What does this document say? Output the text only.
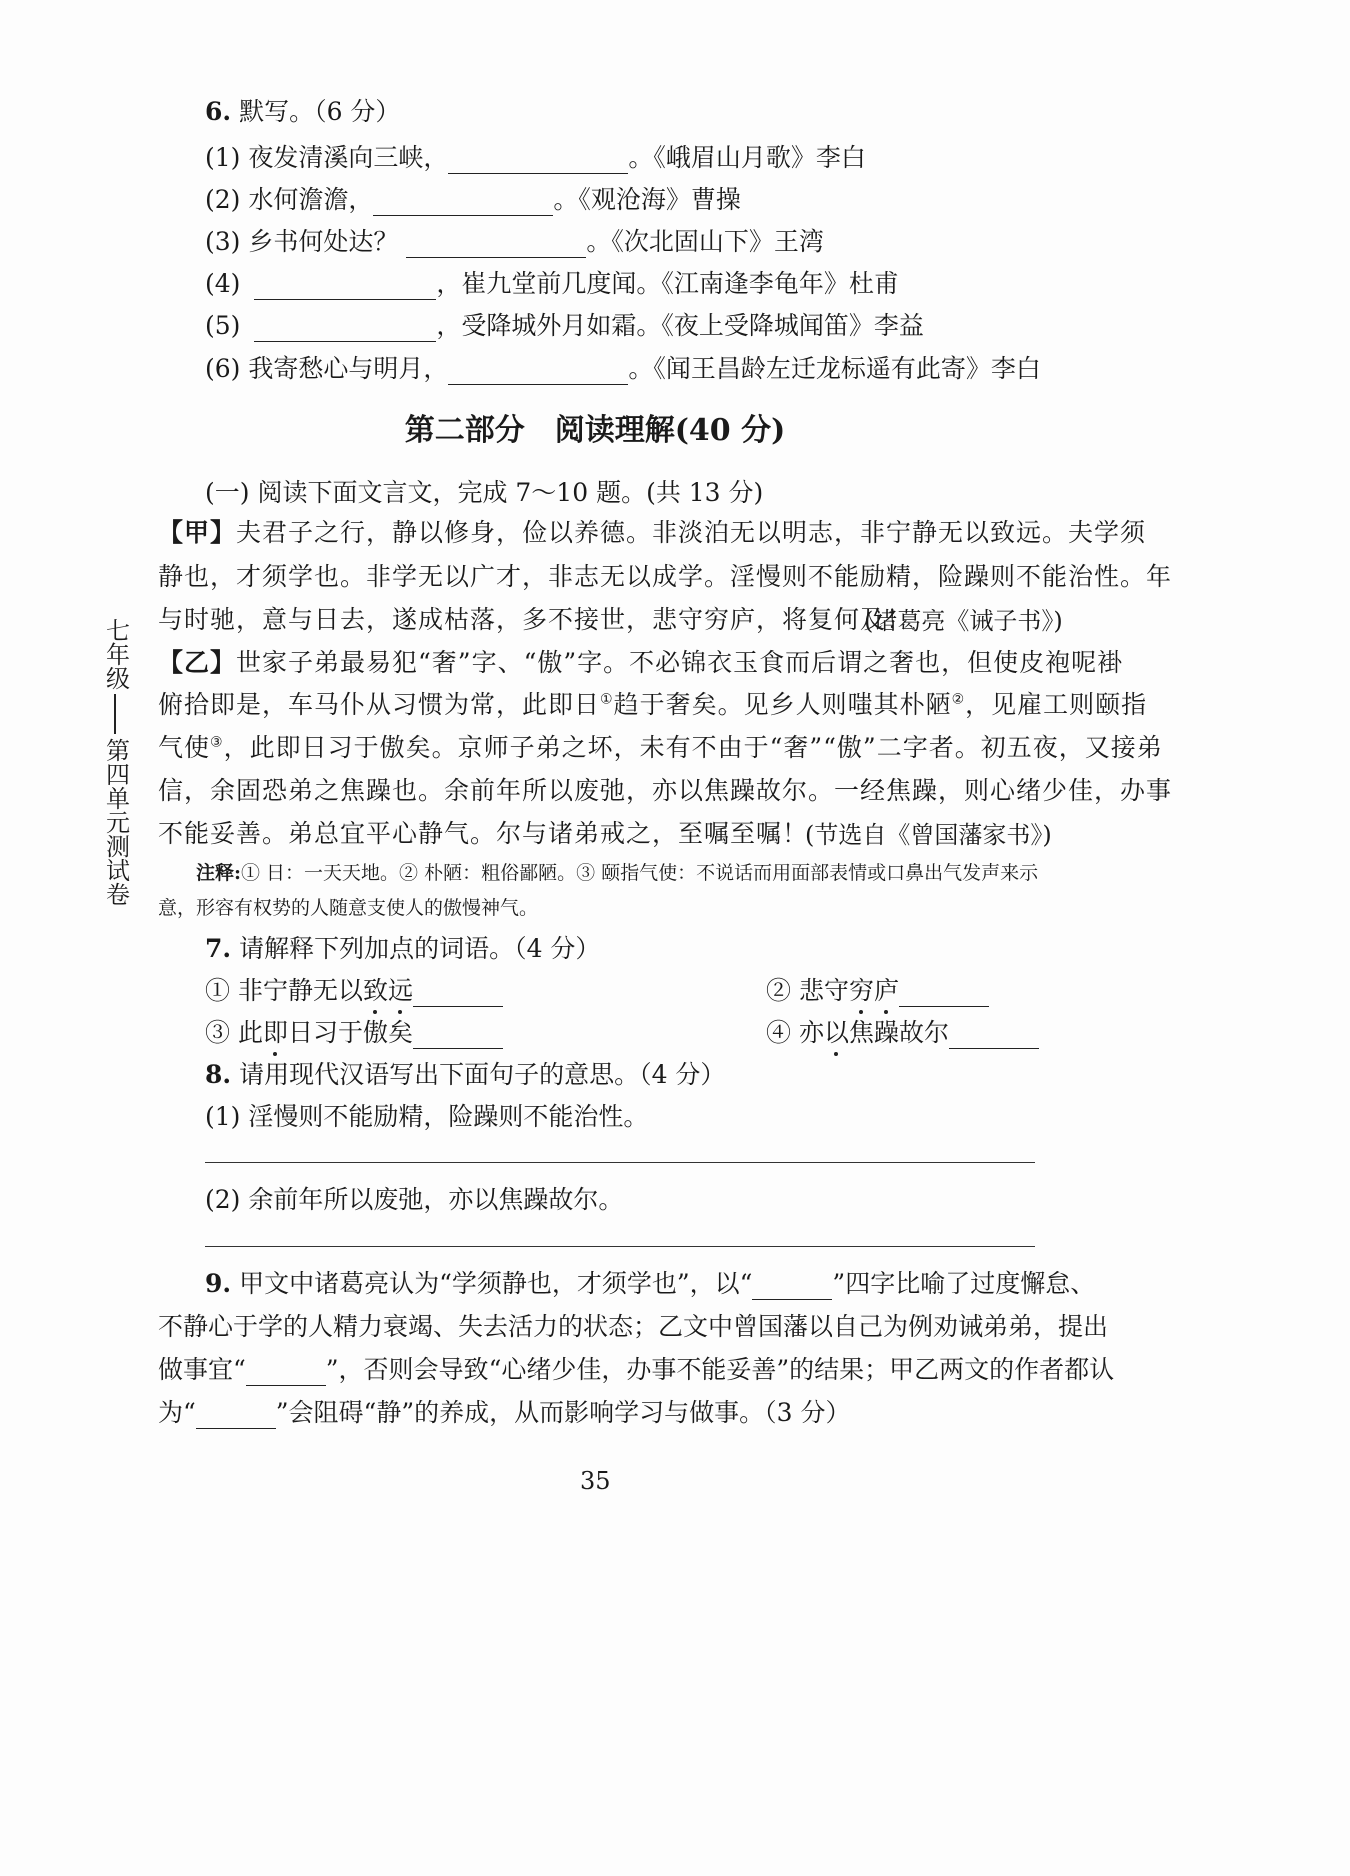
6. 默写。（6 分）
(1) 夜发清溪向三峡，	。《峨眉山月歌》李白
(2) 水何澹澹，	。《观沧海》曹操
(3) 乡书何处达？	。《次北固山下》王湾
(4)	，崔九堂前几度闻。《江南逢李龟年》杜甫
(5)	，受降城外月如霜。《夜上受降城闻笛》李益
(6) 我寄愁心与明月，	。《闻王昌龄左迁龙标遥有此寄》李白
第二部分　阅读理解(40 分)
(一) 阅读下面文言文，完成 7～10 题。(共 13 分)
【甲】夫君子之行，静以修身，俭以养德。非淡泊无以明志，非宁静无以致远。夫学须
静也，才须学也。非学无以广才，非志无以成学。淫慢则不能励精，险躁则不能治性。年
与时驰，意与日去，遂成枯落，多不接世，悲守穷庐，将复何及！
(诸葛亮《诫子书》)
【乙】世家子弟最易犯“奢”字、“傲”字。不必锦衣玉食而后谓之奢也，但使皮袍呢褂
俯拾即是，车马仆从习惯为常，此即日①趋于奢矣。见乡人则嗤其朴陋②，见雇工则颐指
气使③，此即日习于傲矣。京师子弟之坏，未有不由于“奢”“傲”二字者。初五夜，又接弟
信，余固恐弟之焦躁也。余前年所以废弛，亦以焦躁故尔。一经焦躁，则心绪少佳，办事
不能妥善。弟总宜平心静气。尔与诸弟戒之，至嘱至嘱！
(节选自《曾国藩家书》)
注释:① 日：一天天地。② 朴陋：粗俗鄙陋。③ 颐指气使：不说话而用面部表情或口鼻出气发声来示
意，形容有权势的人随意支使人的傲慢神气。
7. 请解释下列加点的词语。（4 分）
① 非宁静无以致远	② 悲守穷庐
③ 此即日习于傲矣	④ 亦以焦躁故尔
8. 请用现代汉语写出下面句子的意思。（4 分）
(1) 淫慢则不能励精，险躁则不能治性。
(2) 余前年所以废弛，亦以焦躁故尔。
9. 甲文中诸葛亮认为“学须静也，才须学也”，以“	”四字比喻了过度懈怠、
不静心于学的人精力衰竭、失去活力的状态；乙文中曾国藩以自己为例劝诫弟弟，提出
做事宜“	”，否则会导致“心绪少佳，办事不能妥善”的结果；甲乙两文的作者都认
为“	”会阻碍“静”的养成，从而影响学习与做事。（3 分）
七年级
第四单元测试卷
35
